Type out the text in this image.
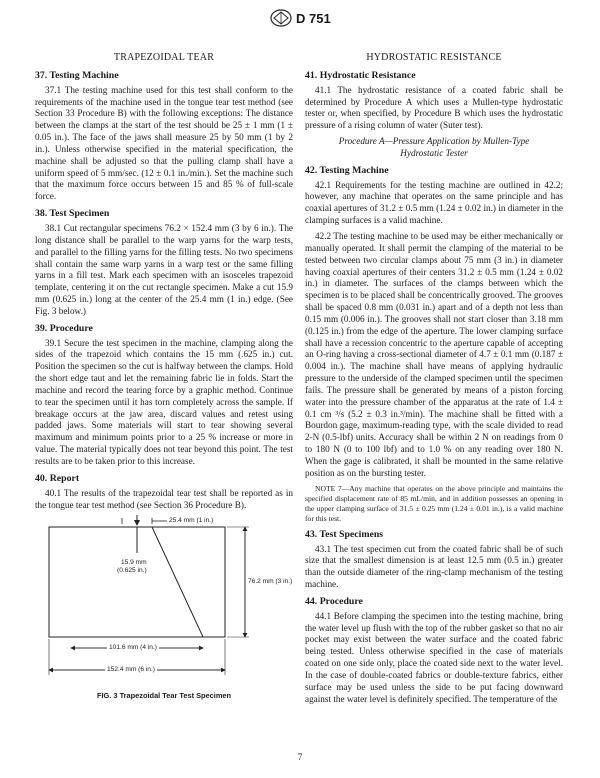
D 751
TRAPEZOIDAL TEAR
37. Testing Machine

37.1 The testing machine used for this test shall conform to the requirements of the machine used in the tongue tear test method (see Section 33 Procedure B) with the following exceptions: The distance between the clamps at the start of the test should be 25 ± 1 mm (1 ± 0.05 in.). The face of the jaws shall measure 25 by 50 mm (1 by 2 in.). Unless otherwise specified in the material specification, the machine shall be adjusted so that the pulling clamp shall have a uniform speed of 5 mm/sec. (12 ± 0.1 in./min.). Set the machine such that the maximum force occurs between 15 and 85 % of full-scale force.

38. Test Specimen

38.1 Cut rectangular specimens 76.2 × 152.4 mm (3 by 6 in.). The long distance shall be parallel to the warp yarns for the warp tests, and parallel to the filling yarns for the filling tests. No two specimens shall contain the same warp yarns in a warp test or the same filling yarns in a fill test. Mark each specimen with an isosceles trapezoid template, centering it on the cut rectangle specimen. Make a cut 15.9 mm (0.625 in.) long at the center of the 25.4 mm (1 in.) edge. (See Fig. 3 below.)

39. Procedure

39.1 Secure the test specimen in the machine, clamping along the sides of the trapezoid which contains the 15 mm (.625 in.) cut. Position the specimen so the cut is halfway between the clamps. Hold the short edge taut and let the remaining fabric lie in folds. Start the machine and record the tearing force by a graphic method. Continue to tear the specimen until it has torn completely across the sample. If breakage occurs at the jaw area, discard values and retest using padded jaws. Some materials will start to tear showing several maximum and minimum points prior to a 25 % increase or more in value. The material typically does not tear beyond this point. The test results are to be taken prior to this increase.

40. Report

40.1 The results of the trapezoidal tear test shall be reported as in the tongue tear test method (see Section 36 Procedure B).

25.4 mm (1 in.)
15.9 mm
(0.625 in.)
76.2 mm (3 in.)
101.6 mm (4 in.)
152.4 mm (6 in.)
FIG. 3 Trapezoidal Tear Test Specimen
HYDROSTATIC RESISTANCE
41. Hydrostatic Resistance

41.1 The hydrostatic resistance of a coated fabric shall be determined by Procedure A which uses a Mullen-type hydrostatic tester or, when specified, by Procedure B which uses the hydrostatic pressure of a rising column of water (Suter test).

Procedure A—Pressure Application by Mullen-Type
Hydrostatic Tester

42. Testing Machine

42.1 Requirements for the testing machine are outlined in 42.2; however, any machine that operates on the same principle and has coaxial apertures of 31.2 ± 0.5 mm (1.24 ± 0.02 in.) in diameter in the clamping surfaces is a valid machine.

42.2 The testing machine to be used may be either mechanically or manually operated. It shall permit the clamping of the material to be tested between two circular clamps about 75 mm (3 in.) in diameter having coaxial apertures of their centers 31.2 ± 0.5 mm (1.24 ± 0.02 in.) in diameter. The surfaces of the clamps between which the specimen is to be placed shall be concentrically grooved. The grooves shall be spaced 0.8 mm (0.031 in.) apart and of a depth not less than 0.15 mm (0.006 in.). The grooves shall not start closer than 3.18 mm (0.125 in.) from the edge of the aperture. The lower clamping surface shall have a recession concentric to the aperture capable of accepting an O-ring having a cross-sectional diameter of 4.7 ± 0.1 mm (0.187 ± 0.004 in.). The machine shall have means of applying hydraulic pressure to the underside of the clamped specimen until the specimen fails. The pressure shall be generated by means of a piston forcing water into the pressure chamber of the apparatus at the rate of 1.4 ± 0.1 cm ³/s (5.2 ± 0.3 in.³/min). The machine shall be fitted with a Bourdon gage, maximum-reading type, with the scale divided to read 2-N (0.5-lbf) units. Accuracy shall be within 2 N on readings from 0 to 180 N (0 to 100 lbf) and to 1.0 % on any reading over 180 N. When the gage is calibrated, it shall be mounted in the same relative position as on the bursting tester.

NOTE 7—Any machine that operates on the above principle and maintains the specified displacement rate of 85 mL/min, and in addition possesses an opening in the upper clamping surface of 31.5 ± 0.25 mm (1.24 ± 0.01 in.), is a valid machine for this test.

43. Test Specimens

43.1 The test specimen cut from the coated fabric shall be of such size that the smallest dimension is at least 12.5 mm (0.5 in.) greater than the outside diameter of the ring-clamp mechanism of the testing machine.

44. Procedure

44.1 Before clamping the specimen into the testing machine, bring the water level up flush with the top of the rubber gasket so that no air pocket may exist between the water surface and the coated fabric being tested. Unless otherwise specified in the case of materials coated on one side only, place the coated side next to the water level. In the case of double-coated fabrics or double-texture fabrics, either surface may be used unless the side to be put facing downward against the water level is definitely specified. The temperature of the

7
